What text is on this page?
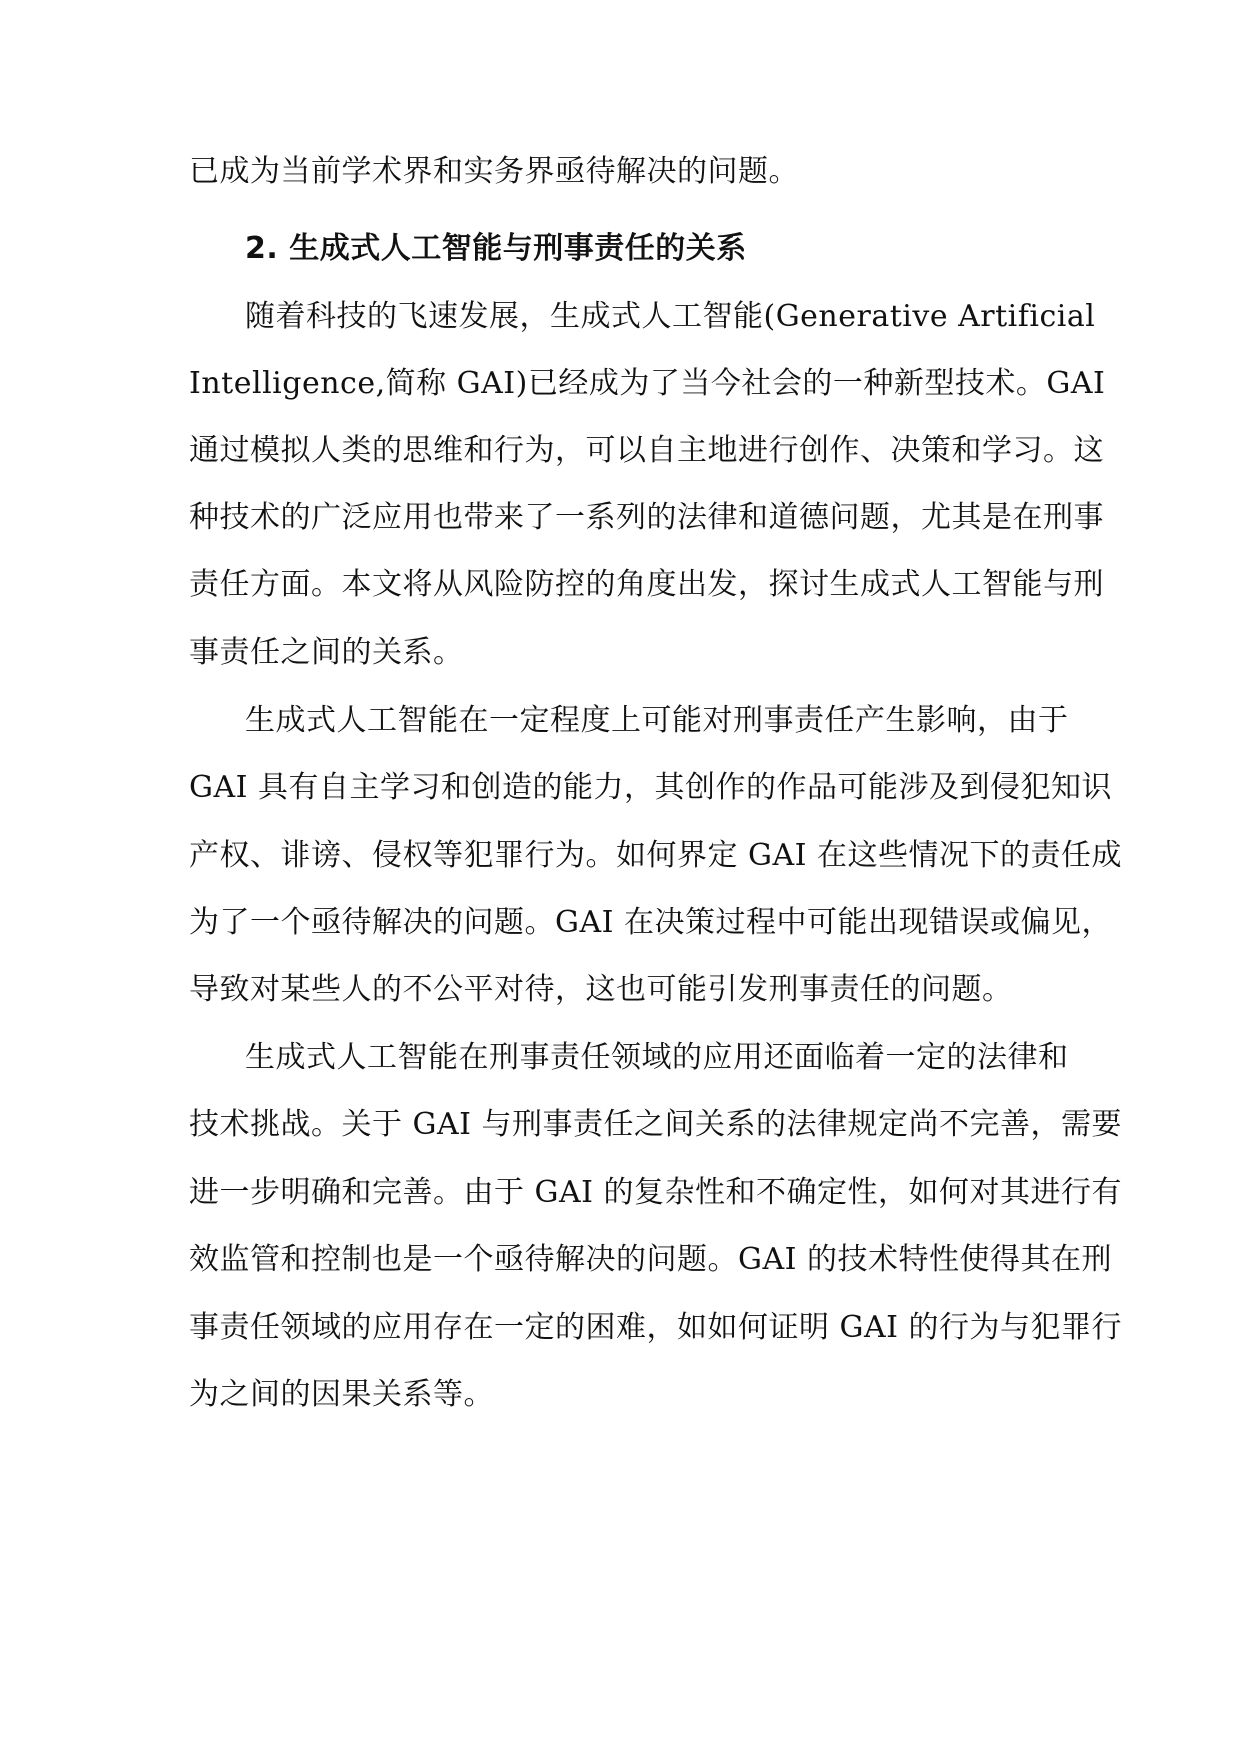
已成为当前学术界和实务界亟待解决的问题。
2. 生成式人工智能与刑事责任的关系
随着科技的飞速发展，生成式人工智能(Generative Artificial
Intelligence,简称 GAI)已经成为了当今社会的一种新型技术。GAI
通过模拟人类的思维和行为，可以自主地进行创作、决策和学习。这
种技术的广泛应用也带来了一系列的法律和道德问题，尤其是在刑事
责任方面。本文将从风险防控的角度出发，探讨生成式人工智能与刑
事责任之间的关系。
生成式人工智能在一定程度上可能对刑事责任产生影响，由于
GAI 具有自主学习和创造的能力，其创作的作品可能涉及到侵犯知识
产权、诽谤、侵权等犯罪行为。如何界定 GAI 在这些情况下的责任成
为了一个亟待解决的问题。GAI 在决策过程中可能出现错误或偏见，
导致对某些人的不公平对待，这也可能引发刑事责任的问题。
生成式人工智能在刑事责任领域的应用还面临着一定的法律和
技术挑战。关于 GAI 与刑事责任之间关系的法律规定尚不完善，需要
进一步明确和完善。由于 GAI 的复杂性和不确定性，如何对其进行有
效监管和控制也是一个亟待解决的问题。GAI 的技术特性使得其在刑
事责任领域的应用存在一定的困难，如如何证明 GAI 的行为与犯罪行
为之间的因果关系等。
